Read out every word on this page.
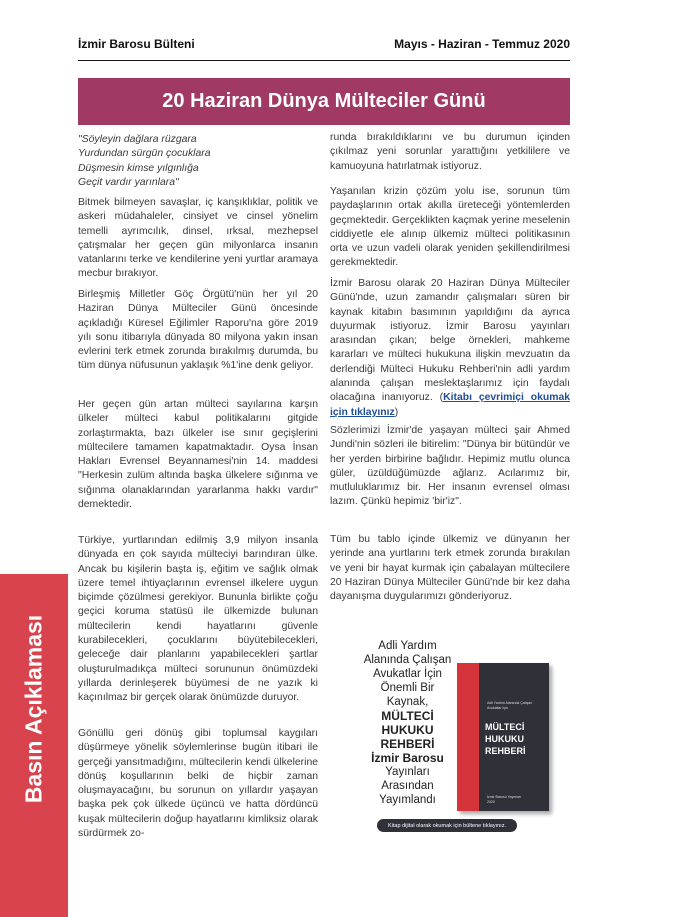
İzmir Barosu Bülteni	Mayıs - Haziran - Temmuz 2020
20 Haziran Dünya Mülteciler Günü
"Söyleyin dağlara rüzgara
Yurdundan sürgün çocuklara
Düşmesin kimse yılgınlığa
Geçit vardır yarınlara"
Bitmek bilmeyen savaşlar, iç kanşıklıklar, politik ve askeri müdahaleler, cinsiyet ve cinsel yönelim temelli ayrımcılık, dinsel, ırksal, mezhepsel çatışmalar her geçen gün milyonlarca insanın vatanlarını terke ve kendilerine yeni yurtlar aramaya mecbur bırakıyor.
Birleşmiş Milletler Göç Örgütü'nün her yıl 20 Haziran Dünya Mülteciler Günü öncesinde açıkladığı Küresel Eğilimler Raporu'na göre 2019 yılı sonu itibarıyla dünyada 80 milyona yakın insan evlerini terk etmek zorunda bırakılmış durumda, bu tüm dünya nüfusunun yaklaşık %1'ine denk geliyor.
Her geçen gün artan mülteci sayılarına karşın ülkeler mülteci kabul politikalarını gitgide zorlaştırmakta, bazı ülkeler ise sınır geçişlerini mültecilere tamamen kapatmaktadır. Oysa İnsan Hakları Evrensel Beyannamesi'nin 14. maddesi "Herkesin zulüm altında başka ülkelere sığınma ve sığınma olanaklarından yararlanma hakkı vardır" demektedir.
Türkiye, yurtlarından edilmiş 3,9 milyon insanla dünyada en çok sayıda mülteciyi barındıran ülke. Ancak bu kişilerin başta iş, eğitim ve sağlık olmak üzere temel ihtiyaçlarının evrensel ilkelere uygun biçimde çözülmesi gerekiyor. Bununla birlikte çoğu geçici koruma statüsü ile ülkemizde bulunan mültecilerin kendi hayatlarını güvenle kurabilecekleri, çocuklarını büyütebilecekleri, geleceğe dair planlarını yapabilecekleri şartlar oluşturulmadıkça mülteci sorununun önümüzdeki yıllarda derinleşerek büyümesi de ne yazık ki kaçınılmaz bir gerçek olarak önümüzde duruyor.
Gönüllü geri dönüş gibi toplumsal kaygıları düşürmeye yönelik söylemlerinse bugün itibari ile gerçeği yansıtmadığını, mültecilerin kendi ülkelerine dönüş koşullarının belki de hiçbir zaman oluşmayacağını, bu sorunun on yıllardır yaşayan başka pek çok ülkede üçüncü ve hatta dördüncü kuşak mültecilerin doğup hayatlarını kimliksiz olarak sürdürmek zo-
runda bırakıldıklarını ve bu durumun içinden çıkılmaz yeni sorunlar yarattığını yetkililere ve kamuoyuna hatırlatmak istiyoruz.
Yaşanılan krizin çözüm yolu ise, sorunun tüm paydaşlarının ortak akılla üreteceği yöntemlerden geçmektedir. Gerçeklikten kaçmak yerine meselenin ciddiyetle ele alınıp ülkemiz mülteci politikasının orta ve uzun vadeli olarak yeniden şekillendirilmesi gerekmektedir.
İzmir Barosu olarak 20 Haziran Dünya Mülteciler Günü'nde, uzun zamandır çalışmaları süren bir kaynak kitabın basımının yapıldığını da ayrıca duyurmak istiyoruz. İzmir Barosu yayınları arasından çıkan; belge örnekleri, mahkeme kararları ve mülteci hukukuna ilişkin mevzuatın da derlendiği Mülteci Hukuku Rehberi'nin adli yardım alanında çalışan meslektaşlarımız için faydalı olacağına inanıyoruz. (Kitabı çevrimiçi okumak için tıklayınız)
Sözlerimizi İzmir'de yaşayan mülteci şair Ahmed Jundi'nin sözleri ile bitirelim: "Dünya bir bütündür ve her yerden birbirine bağlıdır. Hepimiz mutlu olunca güler, üzüldüğümüzde ağlarız. Acılarımız bir, mutluluklarımız bir. Her insanın evrensel olması lazım. Çünkü hepimiz 'bir'iz".
Tüm bu tablo içinde ülkemiz ve dünyanın her yerinde ana yurtlarını terk etmek zorunda bırakılan ve yeni bir hayat kurmak için çabalayan mültecilere 20 Haziran Dünya Mülteciler Günü'nde bir kez daha dayanışma duygularımızı gönderiyoruz.
Adli Yardım
Alanında Çalışan
Avukatlar İçin
Önemli Bir
Kaynak,
MÜLTECİ
HUKUKU
REHBERİ
İzmir Barosu
Yayınları
Arasından
Yayımlandı
Adli Yardım Alanında Çalışan Avukatlar İçin
MÜLTECİ
HUKUKU
REHBERİ
İzmir Barosu Yayınları 2020
Kitap dijital olarak okumak için bültene tıklayınız.
Basın Açıklaması
